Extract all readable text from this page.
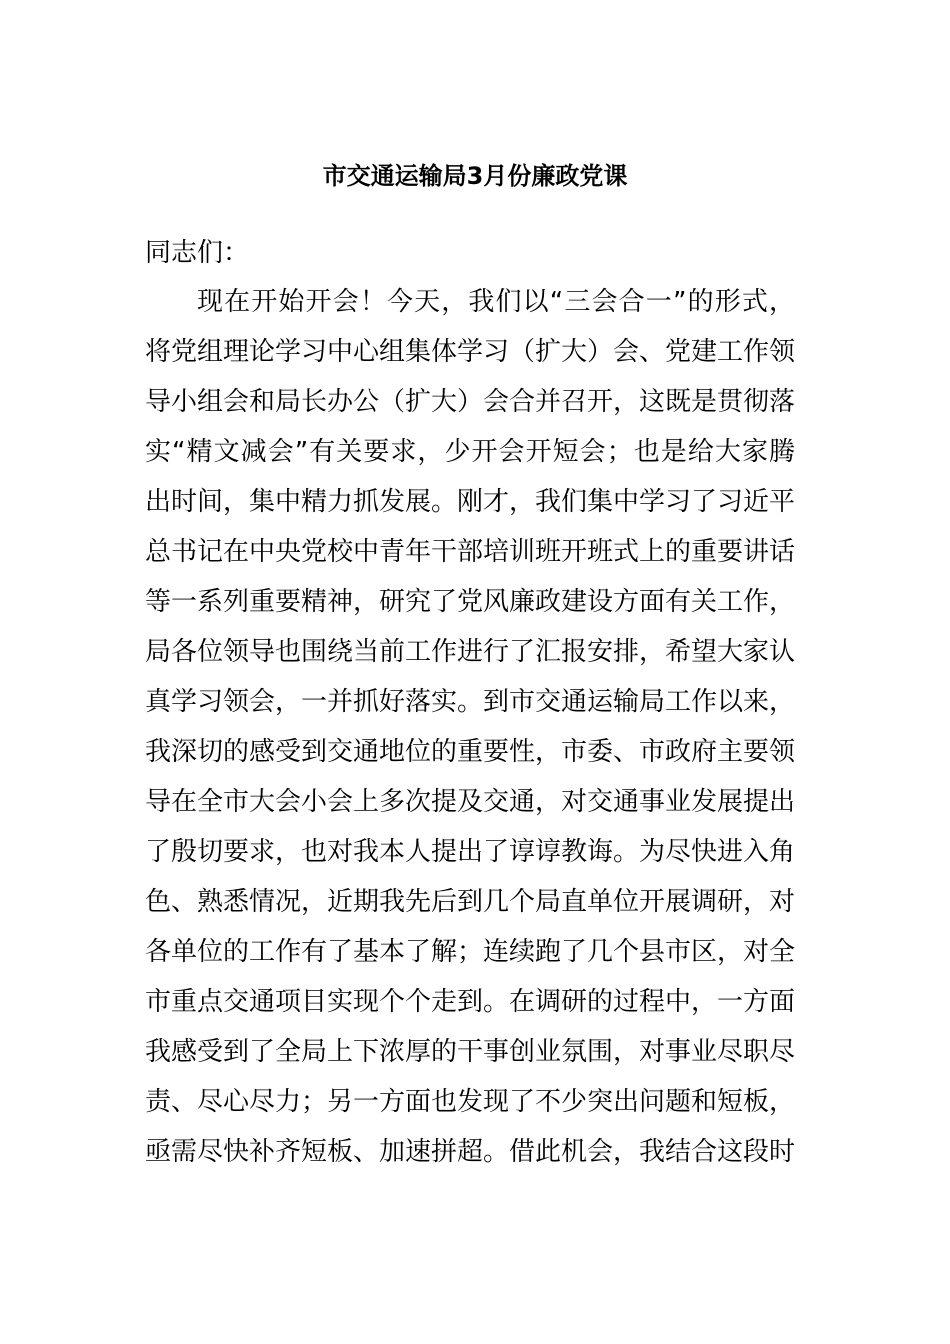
市交通运输局3月份廉政党课

同志们：

现在开始开会！今天，我们以“三会合一”的形式，
将党组理论学习中心组集体学习（扩大）会、党建工作领
导小组会和局长办公（扩大）会合并召开，这既是贯彻落
实“精文减会”有关要求，少开会开短会；也是给大家腾
出时间，集中精力抓发展。刚才，我们集中学习了习近平
总书记在中央党校中青年干部培训班开班式上的重要讲话
等一系列重要精神，研究了党风廉政建设方面有关工作，
局各位领导也围绕当前工作进行了汇报安排，希望大家认
真学习领会，一并抓好落实。到市交通运输局工作以来，
我深切的感受到交通地位的重要性，市委、市政府主要领
导在全市大会小会上多次提及交通，对交通事业发展提出
了殷切要求，也对我本人提出了谆谆教诲。为尽快进入角
色、熟悉情况，近期我先后到几个局直单位开展调研，对
各单位的工作有了基本了解；连续跑了几个县市区，对全
市重点交通项目实现个个走到。在调研的过程中，一方面
我感受到了全局上下浓厚的干事创业氛围，对事业尽职尽
责、尽心尽力；另一方面也发现了不少突出问题和短板，
亟需尽快补齐短板、加速拼超。借此机会，我结合这段时
